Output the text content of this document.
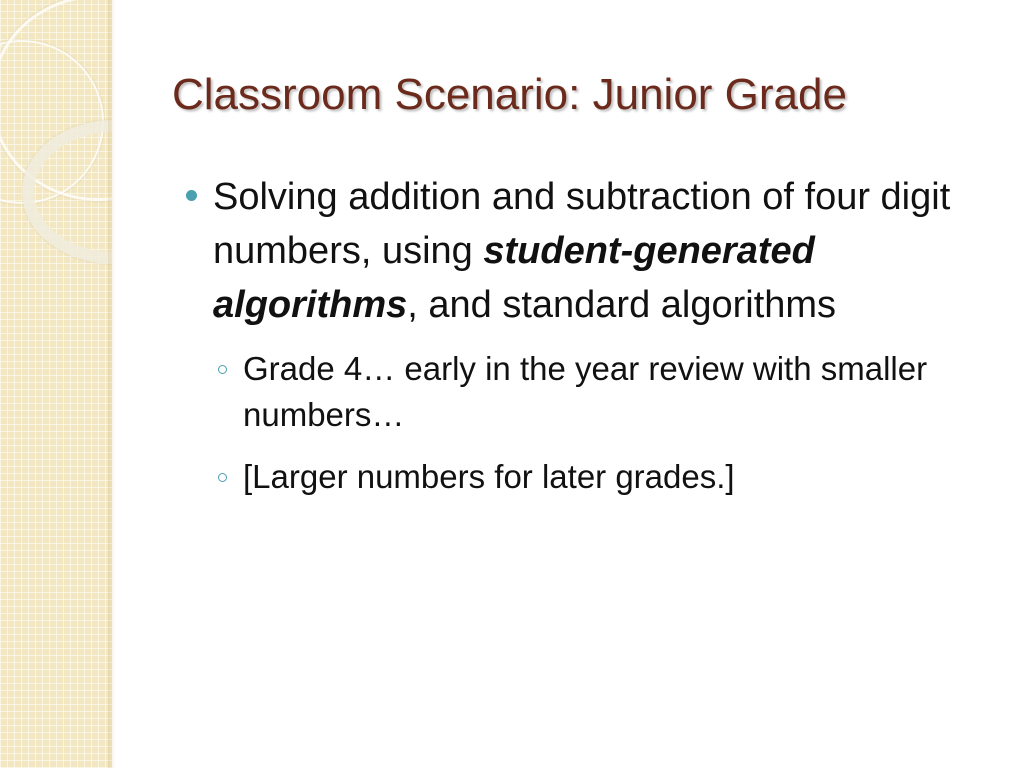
Classroom Scenario: Junior Grade
Solving addition and subtraction of four digit numbers, using student-generated algorithms, and standard algorithms
Grade 4… early in the year review with smaller numbers…
[Larger numbers for later grades.]
